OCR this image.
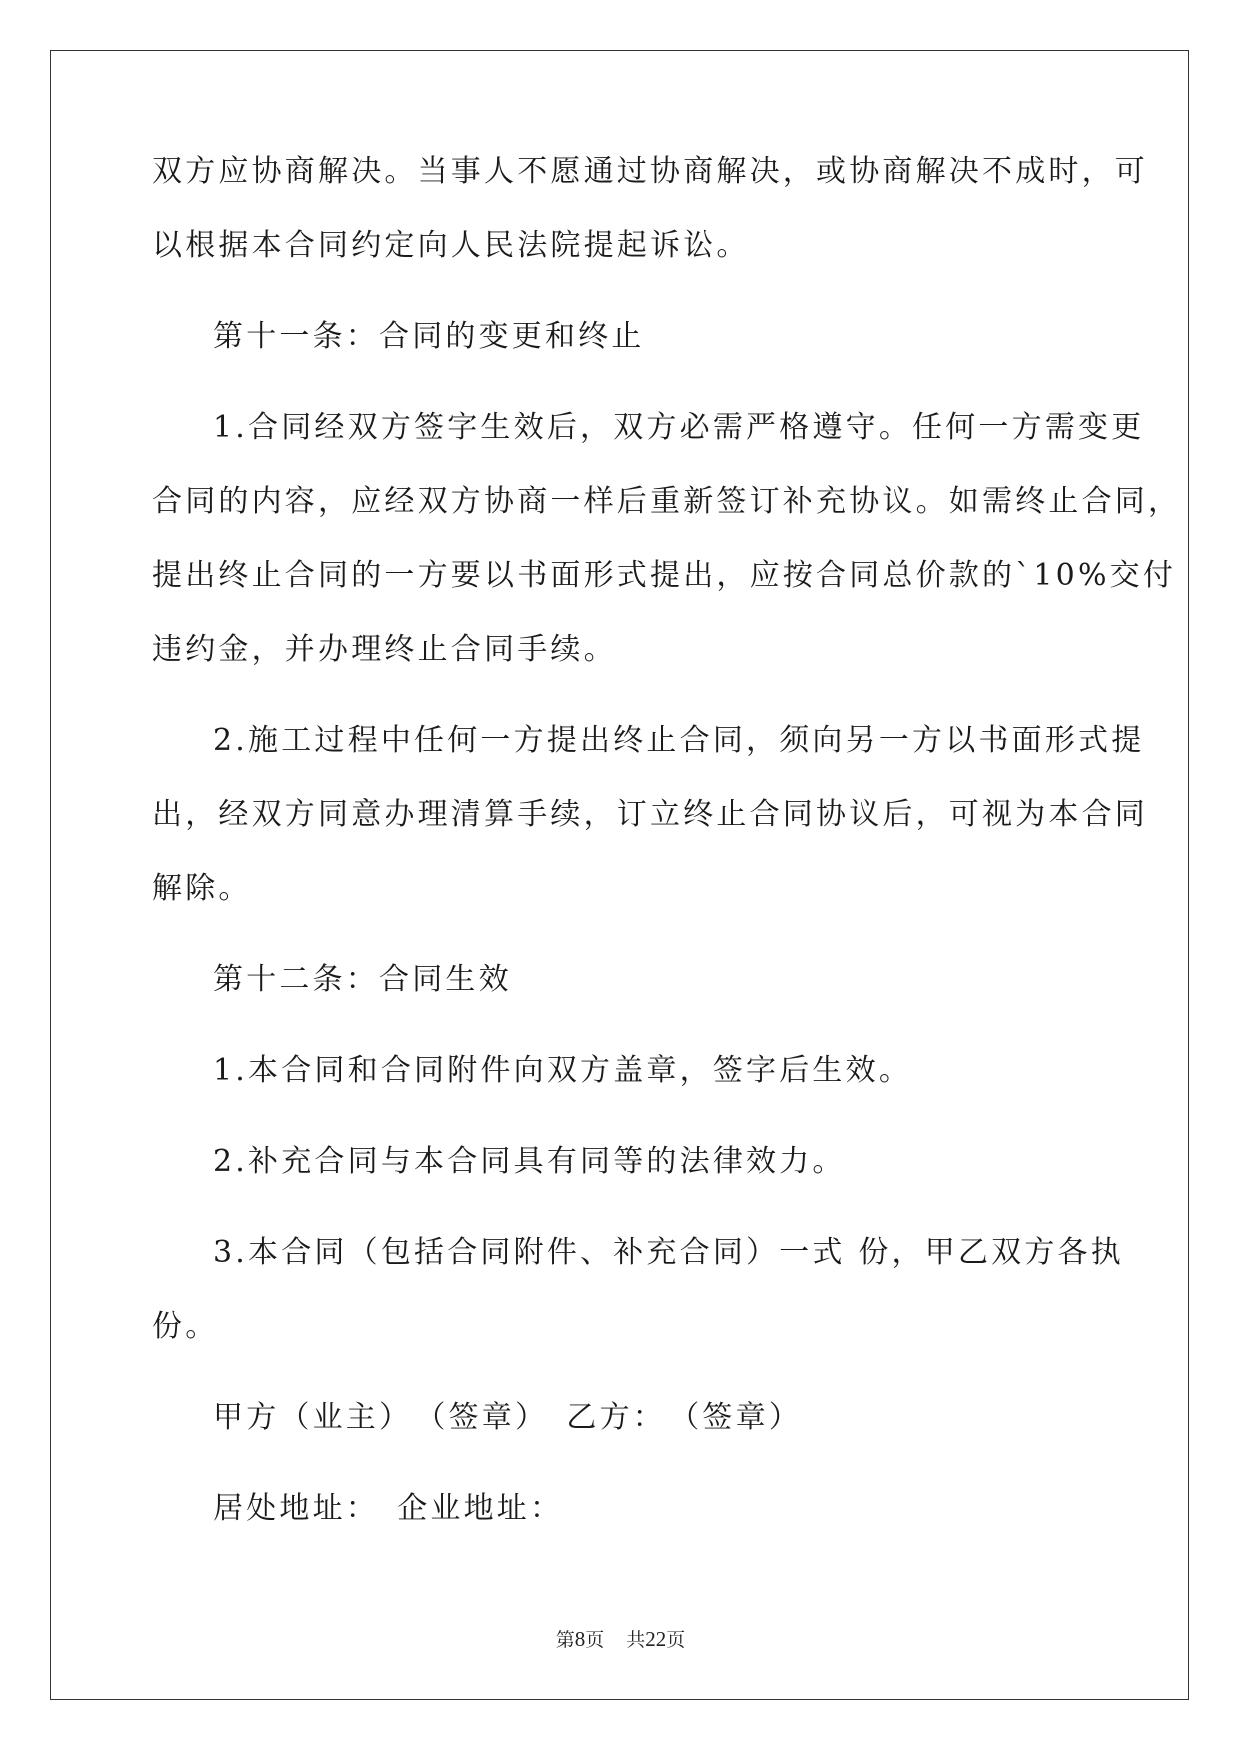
双方应协商解决。当事人不愿通过协商解决，或协商解决不成时，可
以根据本合同约定向人民法院提起诉讼。
第十一条：合同的变更和终止
1.合同经双方签字生效后，双方必需严格遵守。任何一方需变更
合同的内容，应经双方协商一样后重新签订补充协议。如需终止合同，
提出终止合同的一方要以书面形式提出，应按合同总价款的`10%交付
违约金，并办理终止合同手续。
2.施工过程中任何一方提出终止合同，须向另一方以书面形式提
出，经双方同意办理清算手续，订立终止合同协议后，可视为本合同
解除。
第十二条：合同生效
1.本合同和合同附件向双方盖章，签字后生效。
2.补充合同与本合同具有同等的法律效力。
3.本合同（包括合同附件、补充合同）一式 份，甲乙双方各执
份。
甲方（业主）　（签章）　乙方：　（签章）
居处地址：　企业地址：
第8页 共22页
